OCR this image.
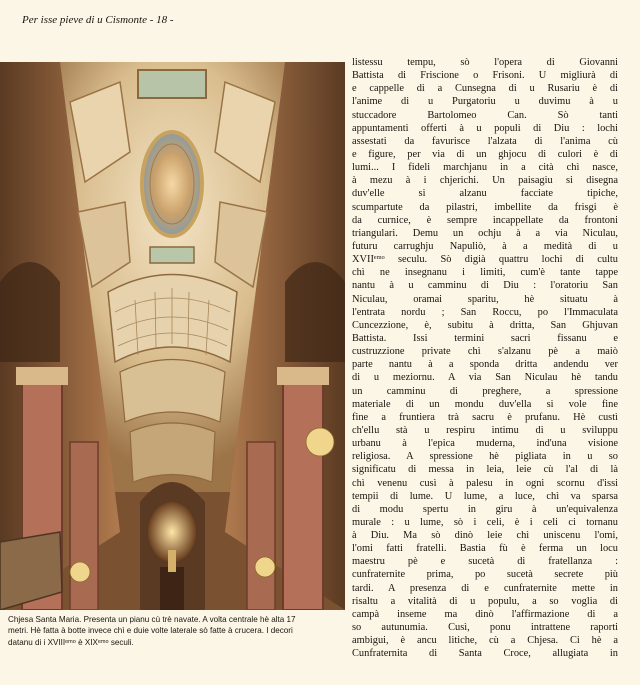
Per isse pieve di u Cismonte - 18 -
Chjesa Santa Maria. Presenta un pianu cù trè navate. A volta centrale hè alta 17
metri. Hè fatta à botte invece chì e duie volte laterale sò fatte à crucera. I decori
datanu di i XVIIIᵉᵐᵒ è XIXᵉᵐᵒ seculi.
listessu tempu, sò l'opera di Giovanni
Battista di Friscione o Frisoni. U migliurà di
e cappelle di a Cunsegna di u Rusariu è di
l'anime di u Purgatoriu u duvimu à u
stuccadore Bartolomeo Can. Sò tanti
appuntamenti offerti à u populi di Diu : lochi
assestati da favurisce l'alzata di l'anima cù
e figure, per via di un ghjocu di culori è di
lumi... I fideli marchjanu in a cità chì nasce,
à mezu à i chjerichi. Un paisagiu si disegna
duv'elle si alzanu facciate tipiche,
scumpartute da pilastri, imbellite da frisgi è
da curnice, è sempre incappellate da frontoni
triangulari. Demu un ochju à a via Niculau,
futuru carrughju Napuliò, à a medità di u
XVIIᵉᵐᵒ seculu. Sò digià quattru lochi di cultu
chì ne insegnanu i limiti, cum'è tante tappe
nantu à u camminu di Diu : l'oratoriu San
Niculau, oramai sparitu, hè situatu à
l'entrata nordu ; San Roccu, po l'Immaculata
Cuncezzione, è, subitu à dritta, San Ghjuvan
Battista. Issi termini sacri fissanu e
custruzzione private chì s'alzanu pè a maiò
parte nantu à a sponda dritta andendu ver
di u meziornu. A via San Niculau hè tandu
un camminu di preghere, a spressione
materiale di un mondu duv'ella si vole fine
fine a fruntiera trà sacru è prufanu. Hè custì
ch'ellu stà u respiru intimu di u sviluppu
urbanu à l'epica muderna, ind'una visione
religiosa. A spressione hè pigliata in u so
significatu di messa in leia, leie cù l'al di là
chì venenu cusì à palesu in ogni scornu d'issi
tempii di lume. U lume, a luce, chì va sparsa
di modu spertu in giru à un'equivalenza
murale : u lume, sò i celi, è i celi ci tornanu
à Diu. Ma sò dinò leie chì uniscenu l'omi,
l'omi fatti fratelli. Bastia fù è ferma un locu
maestru pè e sucetà di fratellanza :
cunfraternite prima, po sucetà secrete più
tardi. A presenza di e cunfraternite mette in
risaltu a vitalità di u populu, a so voglia di
campà inseme ma dinò l'affirmazione di a
so autunumia. Cusì, ponu intrattene raporti
ambigui, è ancu litiche, cù a Chjesa. Ci hè a
Cunfraternita di Santa Croce, allugiata in
